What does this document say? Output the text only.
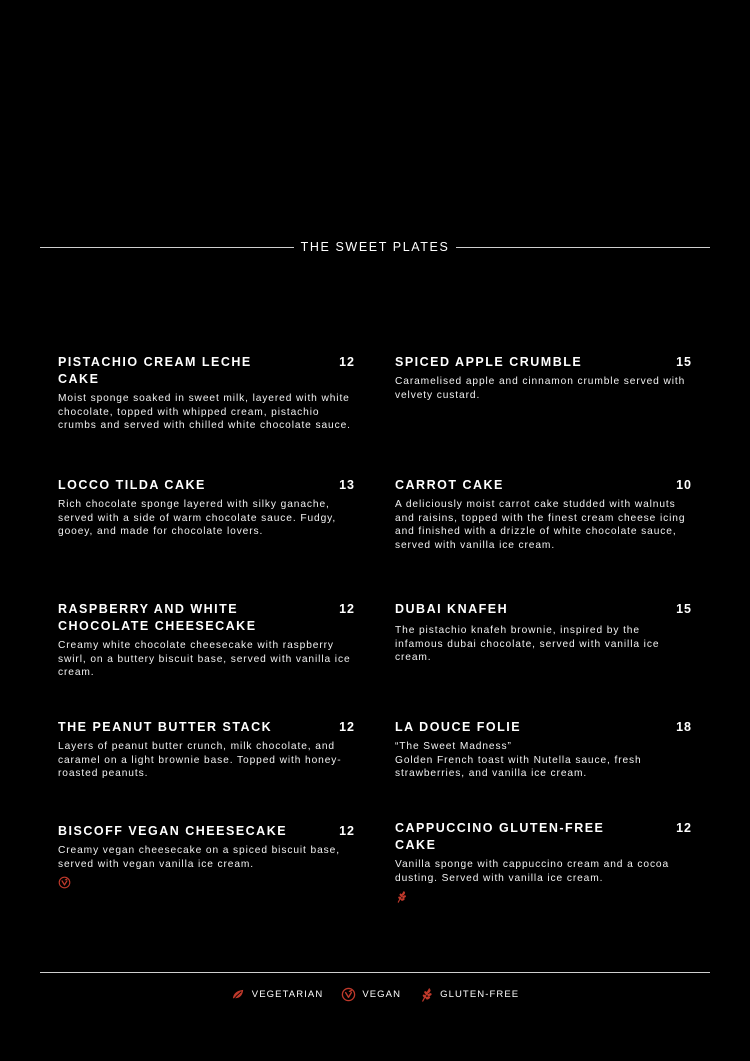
THE SWEET PLATES
PISTACHIO CREAM LECHE CAKE
12
Moist sponge soaked in sweet milk, layered with white chocolate, topped with whipped cream, pistachio crumbs and served with chilled white chocolate sauce.
SPICED APPLE CRUMBLE	15
Caramelised apple and cinnamon crumble served with velvety custard.
LOCCO TILDA CAKE	13
Rich chocolate sponge layered with silky ganache, served with a side of warm chocolate sauce. Fudgy, gooey, and made for chocolate lovers.
CARROT CAKE	10
A deliciously moist carrot cake studded with walnuts and raisins, topped with the finest cream cheese icing and finished with a drizzle of white chocolate sauce, served with vanilla ice cream.
RASPBERRY AND WHITE CHOCOLATE CHEESECAKE
12
Creamy white chocolate cheesecake with raspberry swirl, on a buttery biscuit base, served with vanilla ice cream.
DUBAI KNAFEH	15
The pistachio knafeh brownie, inspired by the infamous dubai chocolate, served with vanilla ice cream.
THE PEANUT BUTTER STACK	12
Layers of peanut butter crunch, milk chocolate, and caramel on a light brownie base. Topped with honey-roasted peanuts.
LA DOUCE FOLIE	18
“The Sweet Madness”
Golden French toast with Nutella sauce, fresh strawberries, and vanilla ice cream.
BISCOFF VEGAN CHEESECAKE	12
Creamy vegan cheesecake on a spiced biscuit base, served with vegan vanilla ice cream.
CAPPUCCINO GLUTEN-FREE CAKE
12
Vanilla sponge with cappuccino cream and a cocoa dusting. Served with vanilla ice cream.
VEGETARIAN	VEGAN	GLUTEN-FREE
